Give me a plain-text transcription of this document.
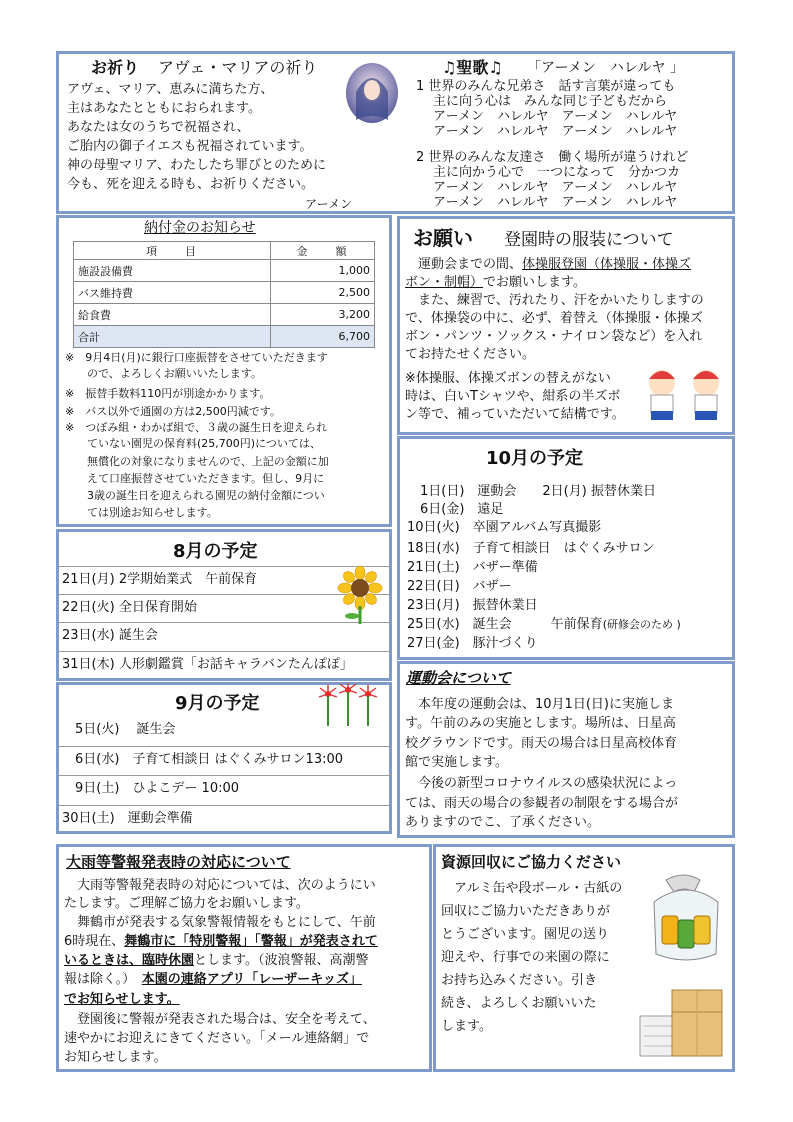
お祈り アヴェ・マリアの祈り
アヴェ、マリア、恵みに満ちた方、
主はあなたとともにおられます。
あなたは女のうちで祝福され、
ご胎内の御子イエスも祝福されています。
神の母聖マリア、わたしたち罪びとのために
今も、死を迎える時も、お祈りください。
アーメン
♫聖歌♫ 「アーメン　ハレルヤ 」
1 世界のみんな兄弟さ　話す言葉が違っても
主に向う心は　みんな同じ子どもだから
アーメン　ハレルヤ　アーメン　ハレルヤ
アーメン　ハレルヤ　アーメン　ハレルヤ
2 世界のみんな友達さ　働く場所が違うけれど
主に向かう心で　一つになって　分かつカ
アーメン　ハレルヤ　アーメン　ハレルヤ
アーメン　ハレルヤ　アーメン　ハレルヤ
納付金のお知らせ
項　　目	金　　額
施設設備費	1,000
バス維持費	2,500
給食費	3,200
合計	6,700
※　9月4日(月)に銀行口座振替をさせていただきます
　　ので、よろしくお願いいたします。
※　振替手数料110円が別途かかります。
※　バス以外で通園の方は2,500円減です。
※　つぼみ組・わかば組で、３歳の誕生日を迎えられ
　　ていない園児の保育料(25,700円)については、
　　無償化の対象になりませんので、上記の金額に加
　　えて口座振替させていただきます。但し、9月に
　　3歳の誕生日を迎えられる園児の納付金額につい
　　ては別途お知らせします。
お願い 登園時の服装について
　運動会までの間、体操服登園（体操服・体操ズ
ボン・制帽）でお願いします。
　また、練習で、汚れたり、汗をかいたりしますの
で、体操袋の中に、必ず、着替え（体操服・体操ズ
ボン・パンツ・ソックス・ナイロン袋など）を入れ
てお持たせください。
※体操服、体操ズボンの替えがない
時は、白いTシャツや、紺系の半ズボ
ン等で、補っていただいて結構です。
10月の予定
　1日(日)　運動会　　2日(月) 振替休業日
　6日(金)　遠足
10日(火)　卒園アルバム写真撮影
18日(水)　子育て相談日　はぐくみサロン
21日(土)　バザー準備
22日(日)　バザー
23日(月)　振替休業日
25日(水)　誕生会　　　午前保育(研修会のため )
27日(金)　豚汁づくり
8月の予定
21日(月) 2学期始業式　午前保育
22日(火) 全日保育開始
23日(水) 誕生会
31日(木) 人形劇鑑賞「お話キャラバンたんぽぽ」
9月の予定
　5日(火)　 誕生会
　6日(水)　子育て相談日 はぐくみサロン13:00
　9日(土)　ひよこデー 10:00
30日(土)　運動会準備
運動会について
　本年度の運動会は、10月1日(日)に実施しま
す。午前のみの実施とします。場所は、日星高
校グラウンドです。雨天の場合は日星高校体育
館で実施します。
　今後の新型コロナウイルスの感染状況によっ
ては、雨天の場合の参観者の制限をする場合が
ありますのでこ、了承ください。
大雨等警報発表時の対応について
　大雨等警報発表時の対応については、次のようにい
たします。ご理解ご協力をお願いします。
　舞鶴市が発表する気象警報情報をもとにして、午前
6時現在、舞鶴市に「特別警報」「警報」が発表されて
いるときは、臨時休園とします。（波浪警報、高潮警
報は除く。）　本園の連絡アプリ「レーザーキッズ」
でお知らせします。
　登園後に警報が発表された場合は、安全を考えて、
速やかにお迎えにきてください。「メール連絡網」で
お知らせします。
資源回収にご協力ください
　アルミ缶や段ボール・古紙の
回収にご協力いただきありが
とうございます。園児の送り
迎えや、行事での来園の際に
お持ち込みください。引き
続き、よろしくお願いいた
します。
